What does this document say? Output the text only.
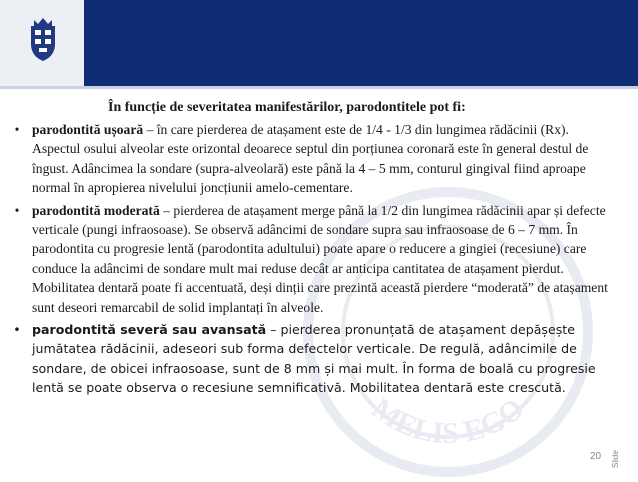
MELIS EGO
În funcție de severitatea manifestărilor, parodontitele pot fi:
• parodontită ușoară – în care pierderea de atașament este de 1/4 - 1/3 din lungimea rădăcinii (Rx). Aspectul osului alveolar este orizontal deoarece septul din porțiunea coronară este în general destul de îngust. Adâncimea la sondare (supra-alveolară) este până la 4 – 5 mm, conturul gingival fiind aproape normal în apropierea nivelului joncțiunii amelo-cementare.
• parodontită moderată – pierderea de atașament merge până la 1/2 din lungimea rădăcinii apar și defecte verticale (pungi infraosoase). Se observă adâncimi de sondare supra sau infraosoase de 6 – 7 mm. În parodontita cu progresie lentă (parodontita adultului) poate apare o reducere a gingiei (recesiune) care conduce la adâncimi de sondare mult mai reduse decât ar anticipa cantitatea de atașament pierdut. Mobilitatea dentară poate fi accentuată, deși dinții care prezintă această pierdere “moderată” de atașament sunt deseori remarcabil de solid implantați în alveole.
• parodontită severă sau avansată – pierderea pronunțată de atașament depășește jumătatea rădăcinii, adeseori sub forma defectelor verticale. De regulă, adâncimile de sondare, de obicei infraosoase, sunt de 8 mm și mai mult. În forma de boală cu progresie lentă se poate observa o recesiune semnificativă. Mobilitatea dentară este crescută.
20 Slide
